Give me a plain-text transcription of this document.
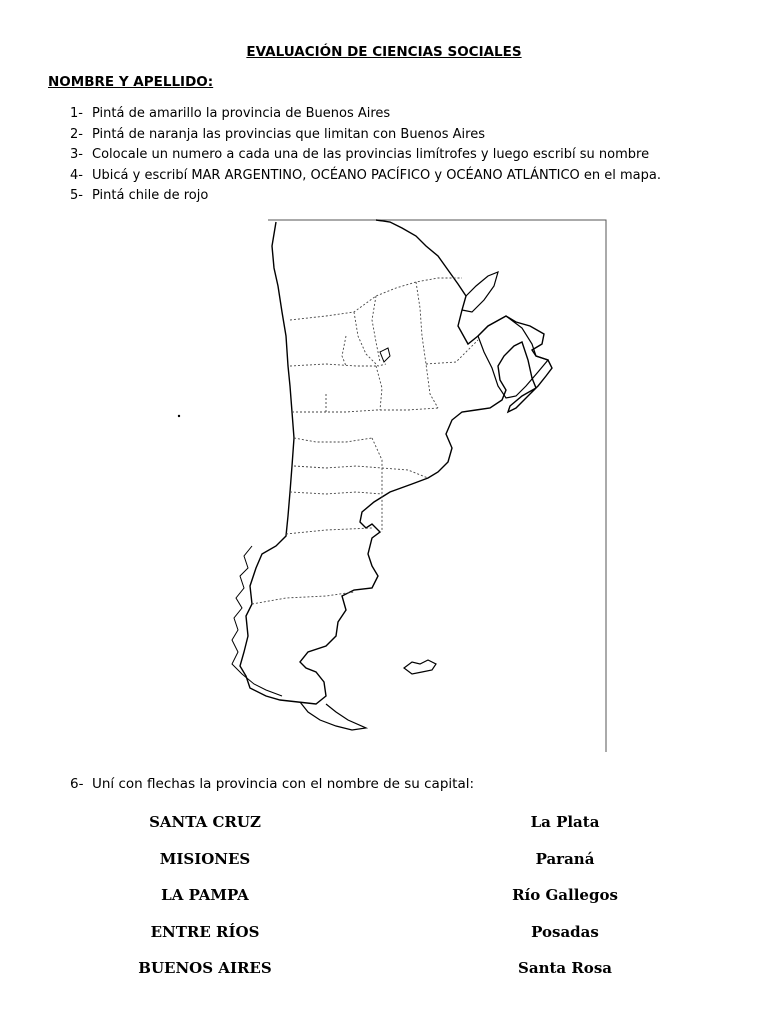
EVALUACIÓN DE CIENCIAS SOCIALES
NOMBRE Y APELLIDO:
1- Pintá de amarillo la provincia de Buenos Aires
2- Pintá de naranja las provincias que limitan con Buenos Aires
3- Colocale un numero a cada una de las provincias limítrofes y luego escribí su nombre
4- Ubicá y escribí MAR ARGENTINO, OCÉANO PACÍFICO y OCÉANO ATLÁNTICO en el mapa.
5- Pintá chile de rojo
6- Uní con flechas la provincia con el nombre de su capital:
SANTA CRUZ
MISIONES
LA PAMPA
ENTRE RÍOS
BUENOS AIRES
La Plata
Paraná
Río Gallegos
Posadas
Santa Rosa
